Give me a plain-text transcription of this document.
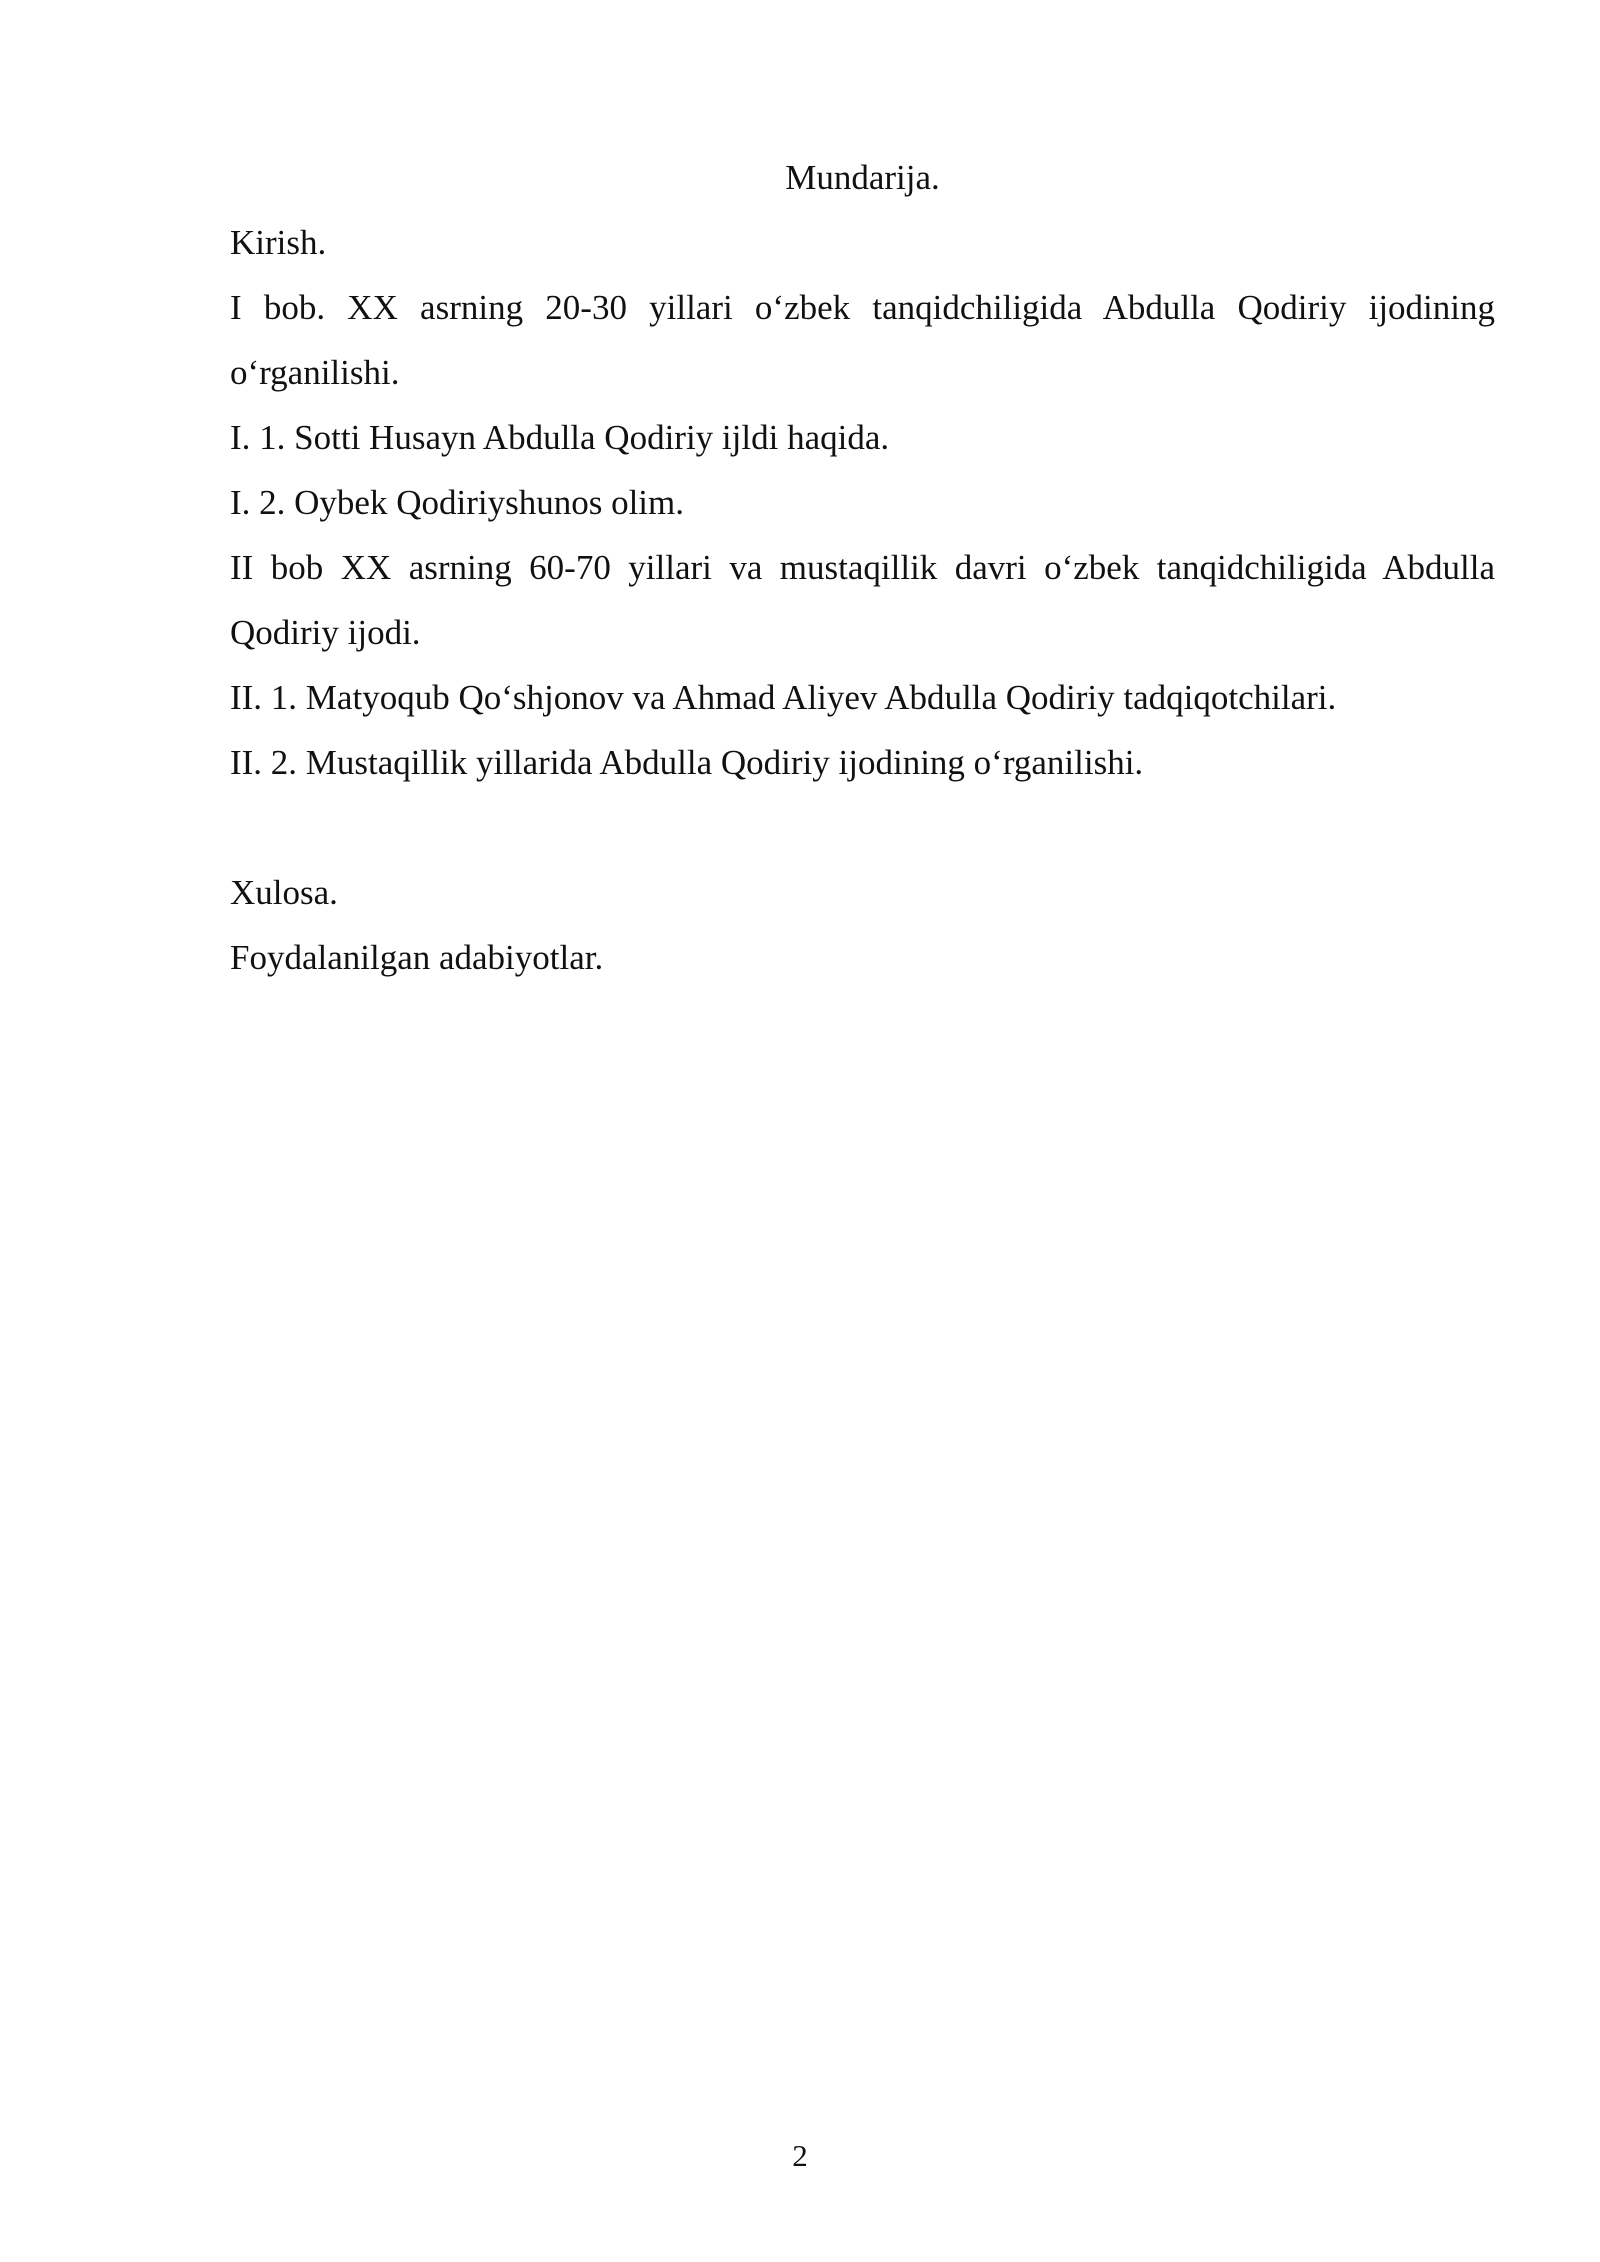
Mundarija.

Kirish.

I bob. XX asrning 20-30 yillari o‘zbek tanqidchiligida Abdulla Qodiriy ijodining o‘rganilishi.

I. 1. Sotti Husayn Abdulla Qodiriy ijldi haqida.

I. 2. Oybek Qodiriyshunos olim.

II bob XX asrning 60-70 yillari va mustaqillik davri o‘zbek tanqidchiligida Abdulla Qodiriy ijodi.

II. 1. Matyoqub Qo‘shjonov va Ahmad Aliyev Abdulla Qodiriy tadqiqotchilari.

II. 2. Mustaqillik yillarida Abdulla Qodiriy ijodining o‘rganilishi.

Xulosa.

Foydalanilgan adabiyotlar.

2
